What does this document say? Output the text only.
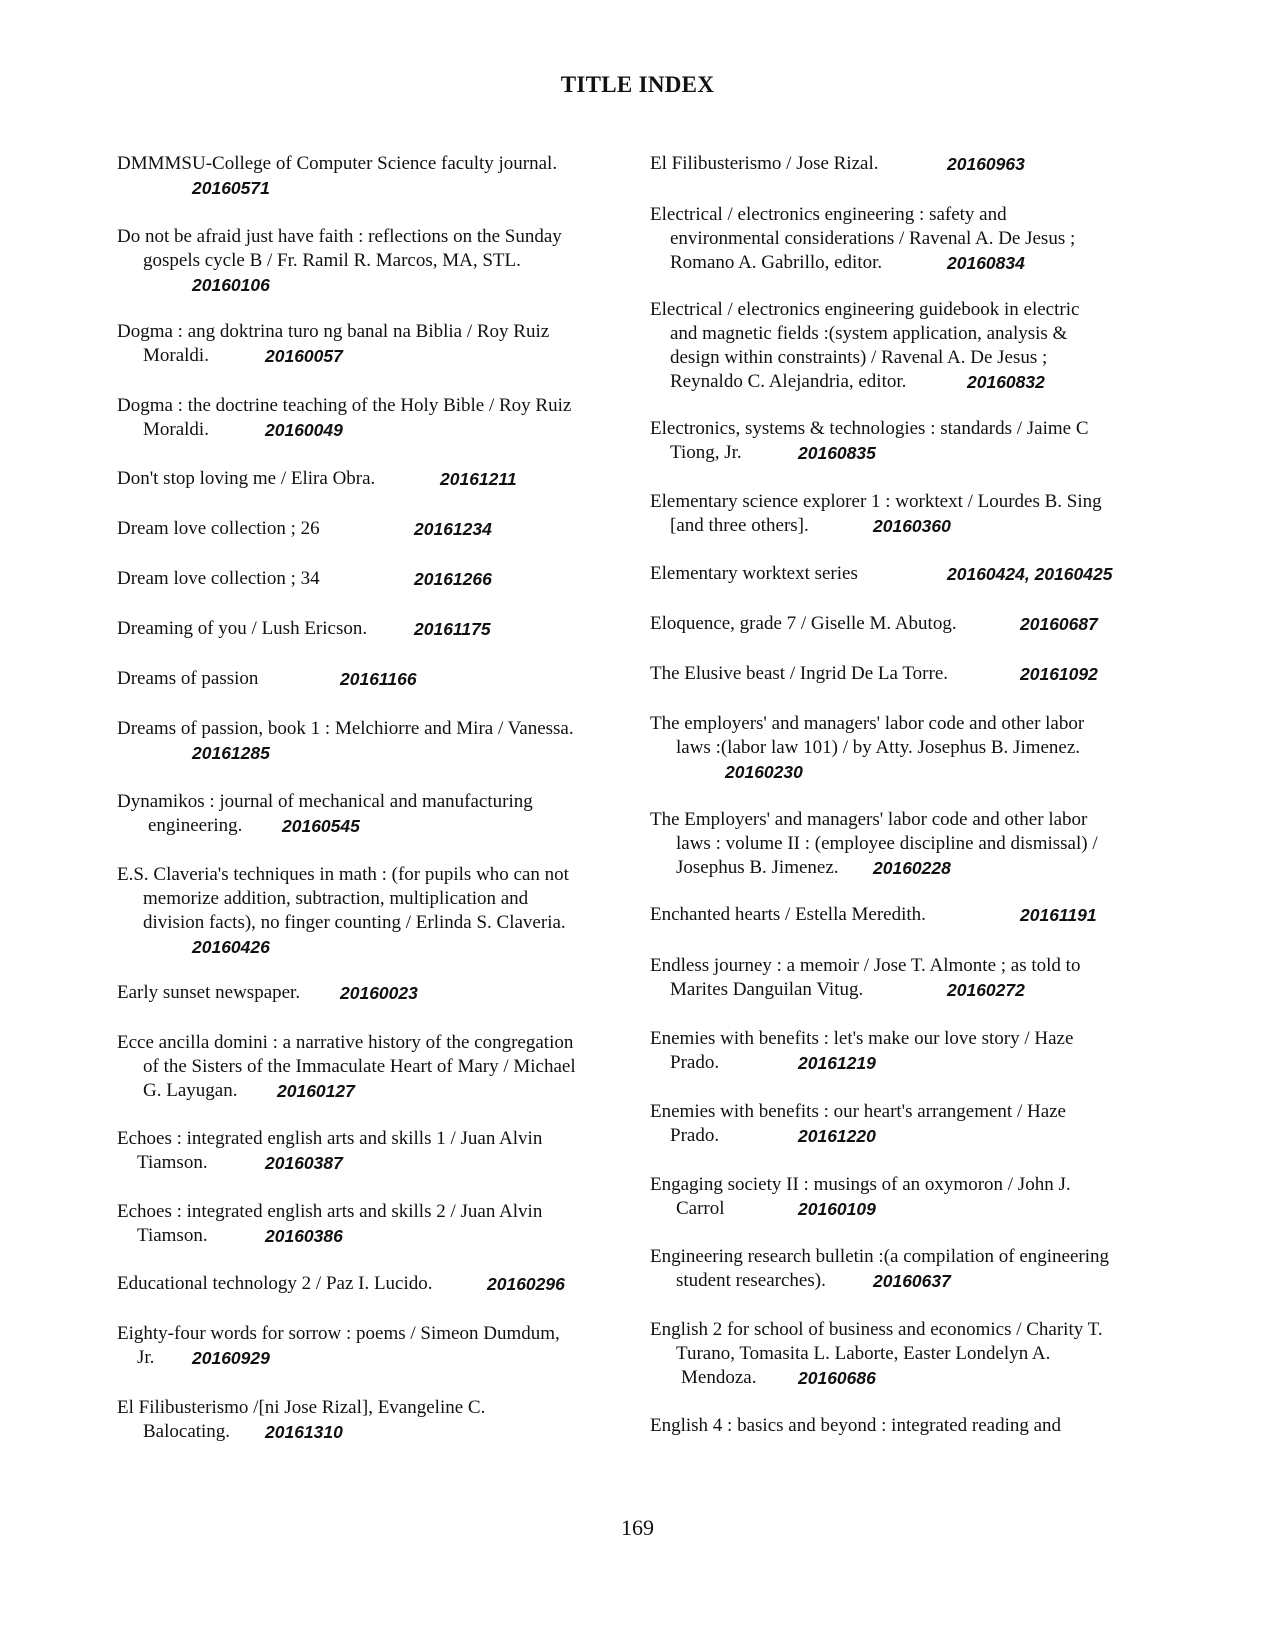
TITLE INDEX
DMMMSU-College of Computer Science faculty journal.
20160571
Do not be afraid just have faith : reflections on the Sunday
gospels cycle B / Fr. Ramil R. Marcos, MA, STL.
20160106
Dogma : ang doktrina turo ng banal na Biblia / Roy Ruiz
Moraldi.	20160057
Dogma : the doctrine teaching of the Holy Bible / Roy Ruiz
Moraldi.	20160049
Don't stop loving me / Elira Obra.	20161211
Dream love collection ; 26	20161234
Dream love collection ; 34	20161266
Dreaming of you / Lush Ericson.	20161175
Dreams of passion	20161166
Dreams of passion, book 1 : Melchiorre and Mira / Vanessa.
20161285
Dynamikos : journal of mechanical and manufacturing
engineering. 20160545
E.S. Claveria's techniques in math : (for pupils who can not
memorize addition, subtraction, multiplication and
division facts), no finger counting / Erlinda S. Claveria.
20160426
Early sunset newspaper. 20160023
Ecce ancilla domini : a narrative history of the congregation
of the Sisters of the Immaculate Heart of Mary / Michael
G. Layugan. 20160127
Echoes : integrated english arts and skills 1 / Juan Alvin
Tiamson.	20160387
Echoes : integrated english arts and skills 2 / Juan Alvin
Tiamson.	20160386
Educational technology 2 / Paz I. Lucido.	20160296
Eighty-four words for sorrow : poems / Simeon Dumdum,
Jr. 20160929
El Filibusterismo /[ni Jose Rizal], Evangeline C.
Balocating. 20161310
El Filibusterismo / Jose Rizal.	20160963
Electrical / electronics engineering : safety and
environmental considerations / Ravenal A. De Jesus ;
Romano A. Gabrillo, editor.	20160834
Electrical / electronics engineering guidebook in electric
and magnetic fields :(system application, analysis &
design within constraints) / Ravenal A. De Jesus ;
Reynaldo C. Alejandria, editor.	20160832
Electronics, systems & technologies : standards / Jaime C
Tiong, Jr.	20160835
Elementary science explorer 1 : worktext / Lourdes B. Sing
[and three others].	20160360
Elementary worktext series	20160424, 20160425
Eloquence, grade 7 / Giselle M. Abutog.	20160687
The Elusive beast / Ingrid De La Torre.	20161092
The employers' and managers' labor code and other labor
laws :(labor law 101) / by Atty. Josephus B. Jimenez.
20160230
The Employers' and managers' labor code and other labor
laws : volume II : (employee discipline and dismissal) /
Josephus B. Jimenez. 20160228
Enchanted hearts / Estella Meredith.	20161191
Endless journey : a memoir / Jose T. Almonte ; as told to
Marites Danguilan Vitug.	20160272
Enemies with benefits : let's make our love story / Haze
Prado.	20161219
Enemies with benefits : our heart's arrangement / Haze
Prado.	20161220
Engaging society II : musings of an oxymoron / John J.
Carrol	20160109
Engineering research bulletin :(a compilation of engineering
student researches).	20160637
English 2 for school of business and economics / Charity T.
Turano, Tomasita L. Laborte, Easter Londelyn A.
Mendoza. 20160686
English 4 : basics and beyond : integrated reading and
169
